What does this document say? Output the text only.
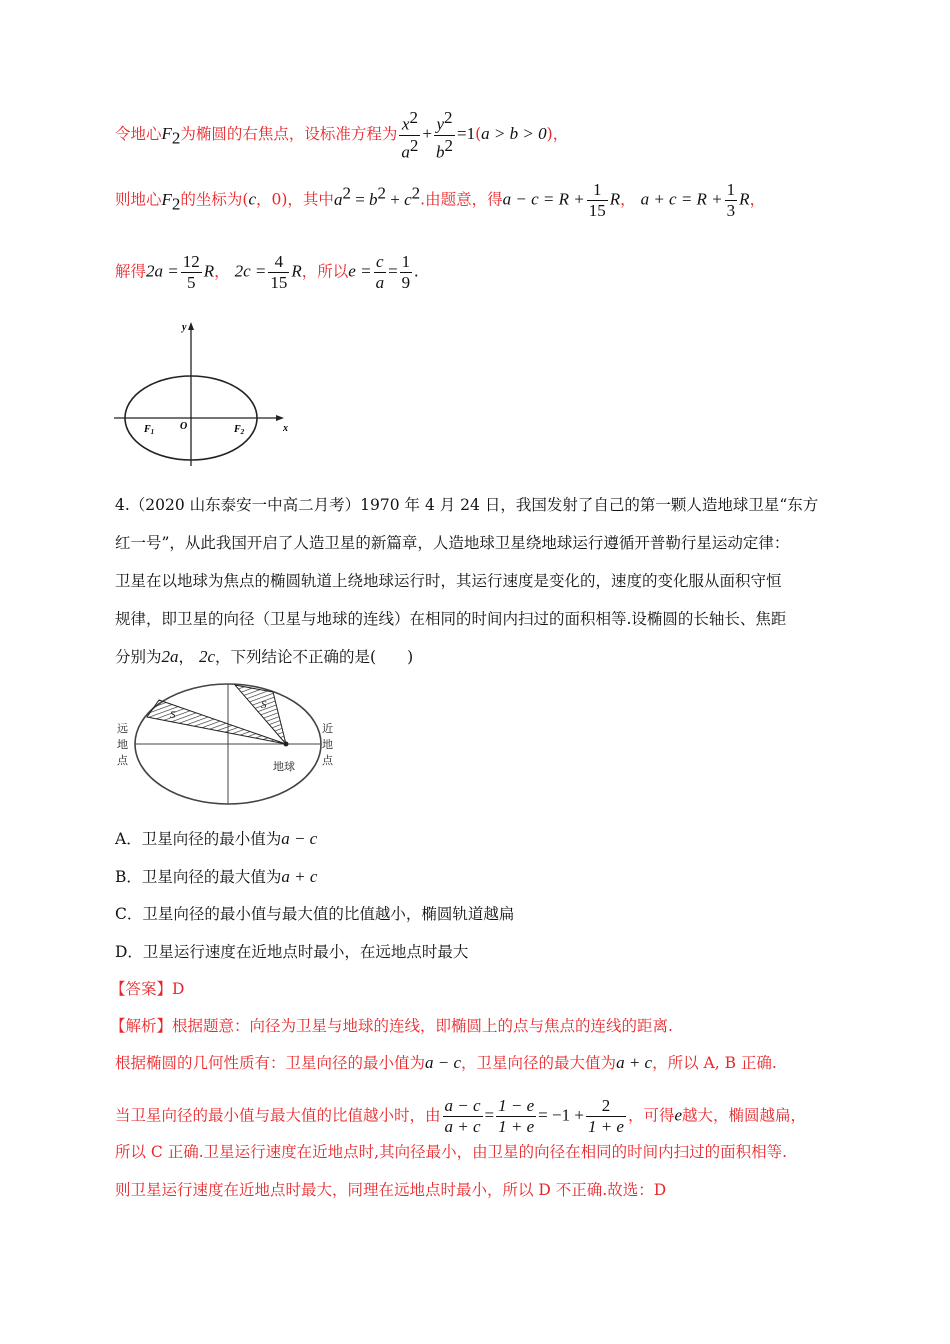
令地心$F_2$为椭圆的右焦点，设标准方程为 $\frac{x^2}{a^2} + \frac{y^2}{b^2} =1(a > b > 0)$，
则地心$F_2$的坐标为(c，0)，其中$a^2 = b^2 + c^2$.由题意，得$a - c = R + \frac{1}{15}$ R， $a + c = R + \frac{1}{3}$ R，
解得$2a = \frac{12}{5}$ R， $2c = \frac{4}{15}$ R，所以$e = \frac{c}{a} = \frac{1}{9}$ .
y
x
O
$F_1$	$F_2$
4.（2020 山东泰安一中高二月考）1970 年 4 月 24 日，我国发射了自己的第一颗人造地球卫星“东方
红一号”，从此我国开启了人造卫星的新篇章，人造地球卫星绕地球运行遵循开普勒行星运动定律：
卫星在以地球为焦点的椭圆轨道上绕地球运行时，其运行速度是变化的，速度的变化服从面积守恒
规律，即卫星的向径（卫星与地球的连线）在相同的时间内扫过的面积相等.设椭圆的长轴长、焦距
分别为2a， 2c，下列结论不正确的是(　　)
S
S
远
地
点
近
地
点
地球
A．卫星向径的最小值为a − c
B．卫星向径的最大值为a + c
C．卫星向径的最小值与最大值的比值越小，椭圆轨道越扁
D．卫星运行速度在近地点时最小，在远地点时最大
【答案】D
【解析】根据题意：向径为卫星与地球的连线，即椭圆上的点与焦点的连线的距离.
根据椭圆的几何性质有：卫星向径的最小值为a − c，卫星向径的最大值为a + c，所以 A, B 正确.
当卫星向径的最小值与最大值的比值越小时，由 $\frac{a - c}{a + c} = \frac{1 - e}{1 + e} = -1 + \frac{2}{1 + e}$ ，可得e越大，椭圆越扁，
所以 C 正确.卫星运行速度在近地点时,其向径最小，由卫星的向径在相同的时间内扫过的面积相等.
则卫星运行速度在近地点时最大，同理在远地点时最小，所以 D 不正确.故选：D
